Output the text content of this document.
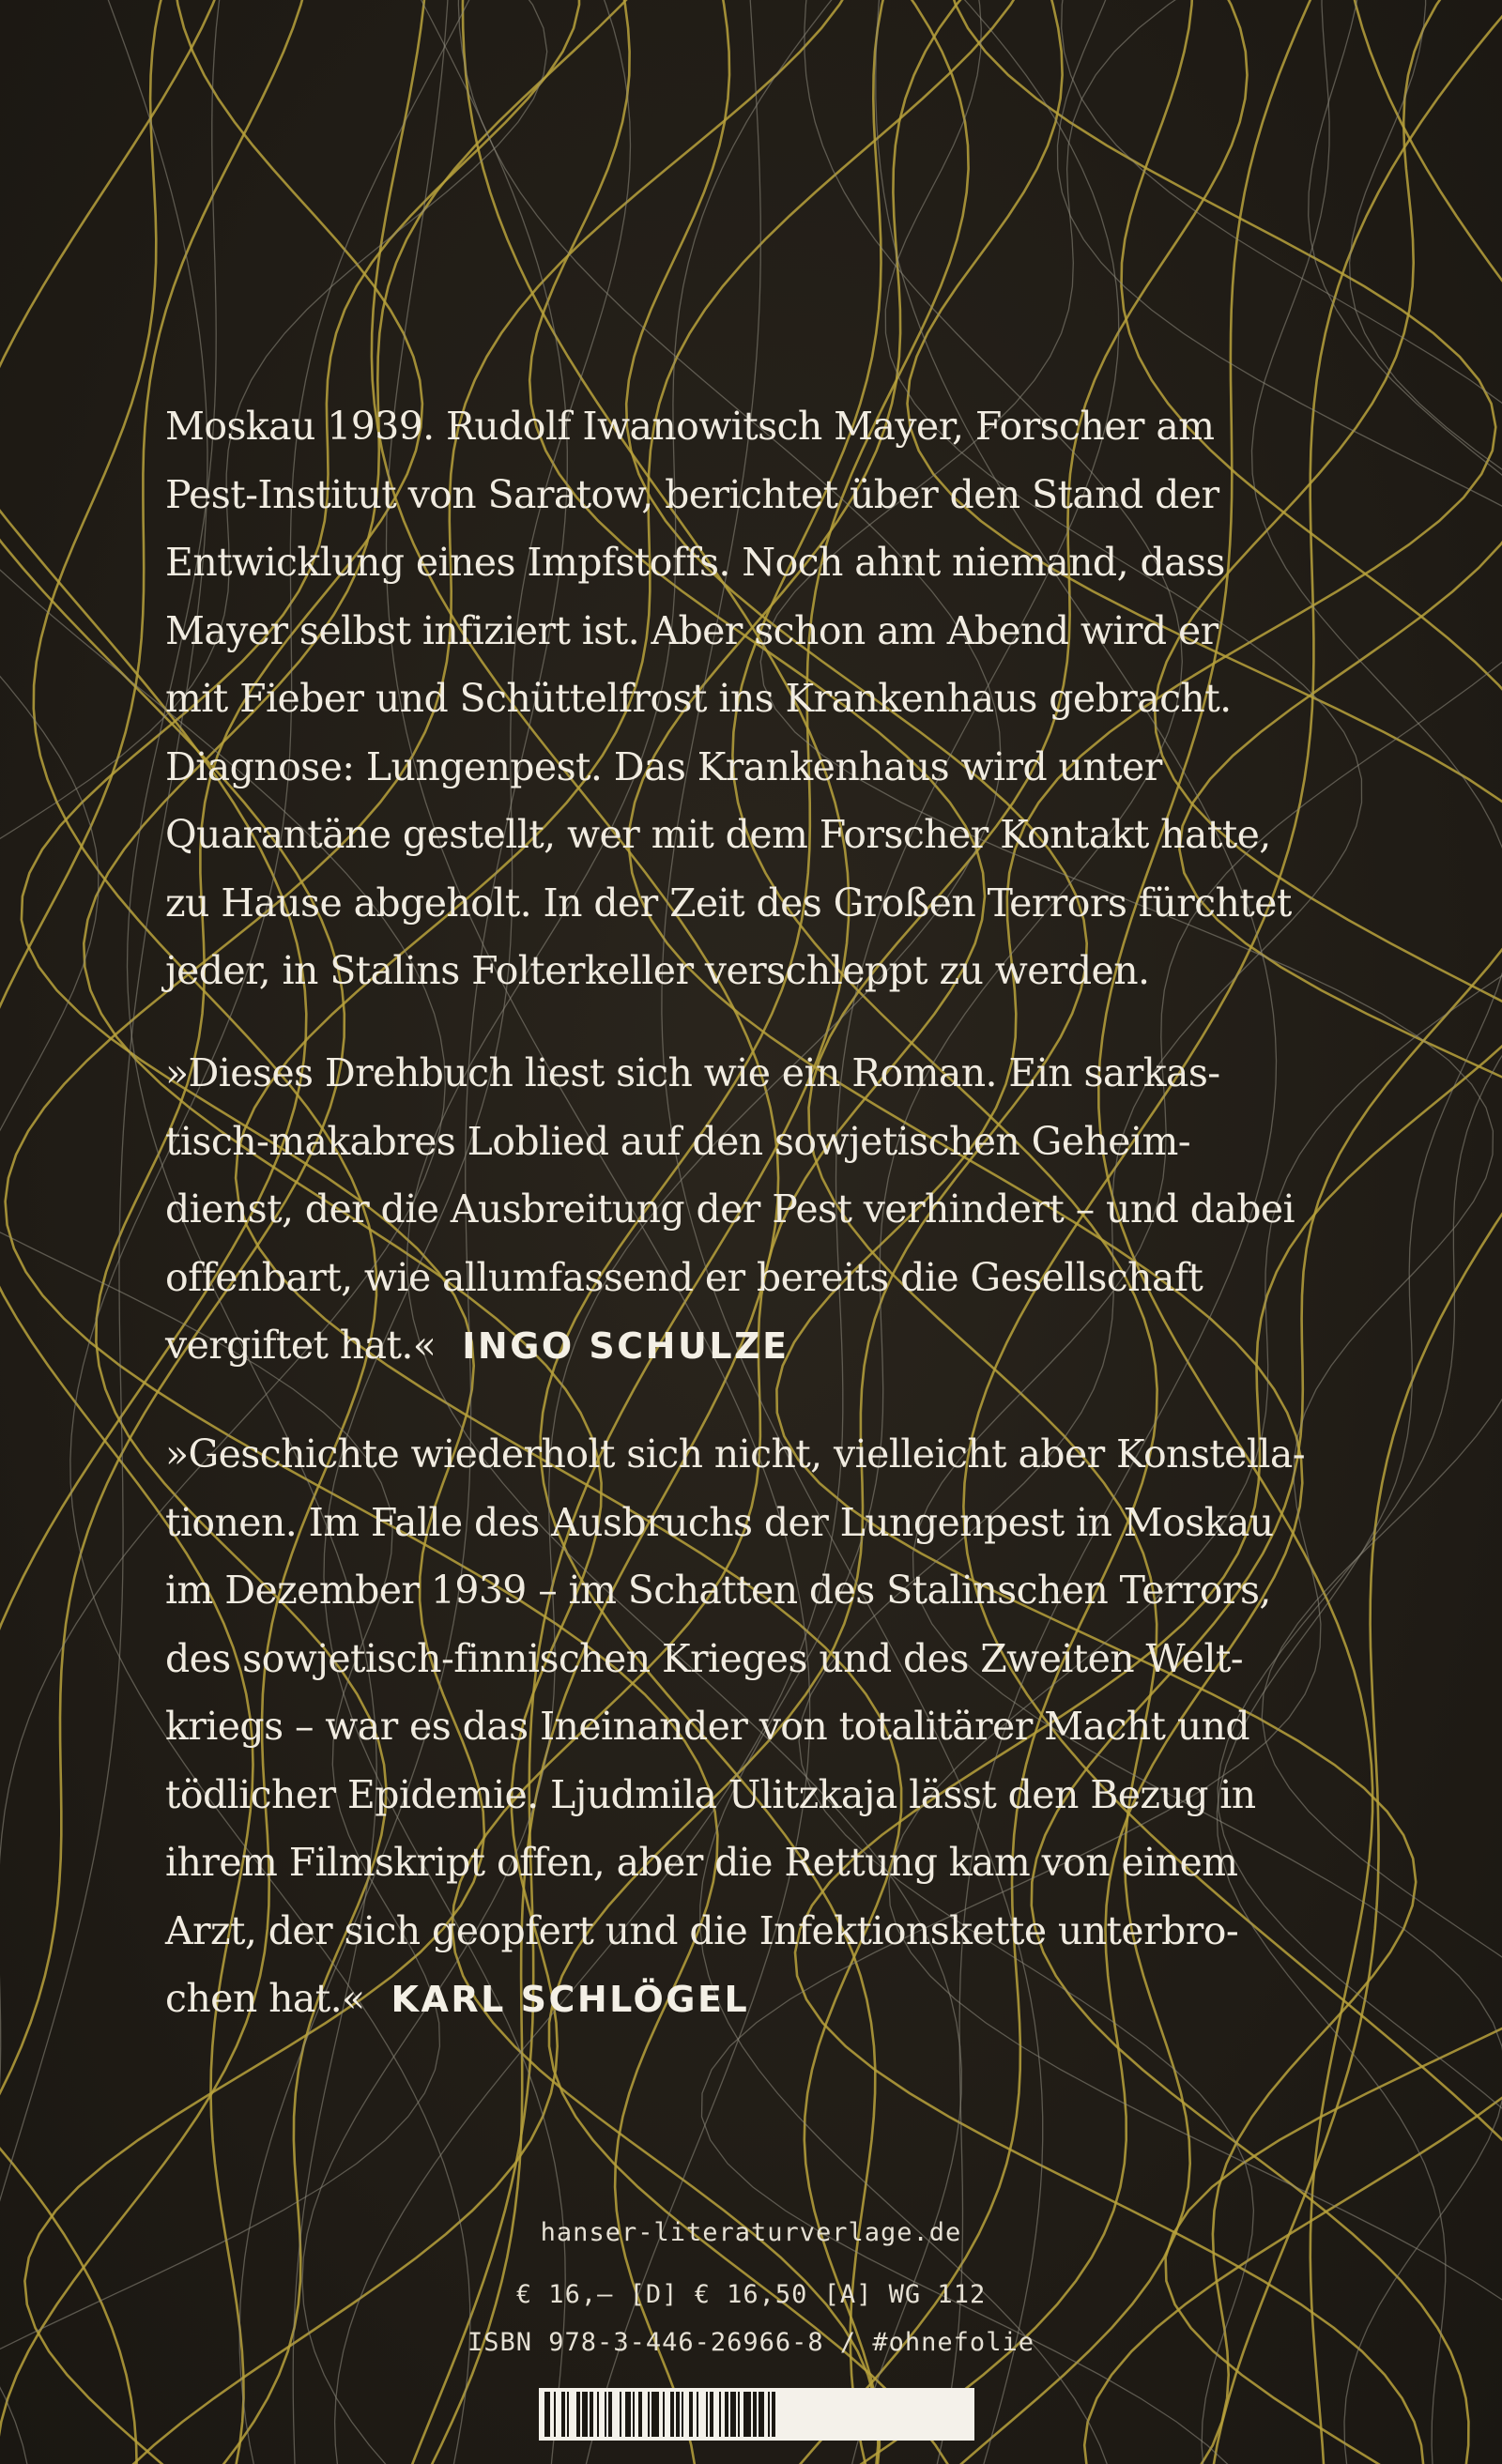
Moskau 1939. Rudolf Iwanowitsch Mayer, Forscher am
Pest-Institut von Saratow, berichtet über den Stand der
Entwicklung eines Impfstoffs. Noch ahnt niemand, dass
Mayer selbst infiziert ist. Aber schon am Abend wird er
mit Fieber und Schüttelfrost ins Krankenhaus gebracht.
Diagnose: Lungenpest. Das Krankenhaus wird unter
Quarantäne gestellt, wer mit dem Forscher Kontakt hatte,
zu Hause abgeholt. In der Zeit des Großen Terrors fürchtet
jeder, in Stalins Folterkeller verschleppt zu werden.
»Dieses Drehbuch liest sich wie ein Roman. Ein sarkas-
tisch-makabres Loblied auf den sowjetischen Geheim-
dienst, der die Ausbreitung der Pest verhindert – und dabei
offenbart, wie allumfassend er bereits die Gesellschaft
vergiftet hat.« INGO SCHULZE
»Geschichte wiederholt sich nicht, vielleicht aber Konstella-
tionen. Im Falle des Ausbruchs der Lungenpest in Moskau
im Dezember 1939 – im Schatten des Stalinschen Terrors,
des sowjetisch-finnischen Krieges und des Zweiten Welt-
kriegs – war es das Ineinander von totalitärer Macht und
tödlicher Epidemie. Ljudmila Ulitzkaja lässt den Bezug in
ihrem Filmskript offen, aber die Rettung kam von einem
Arzt, der sich geopfert und die Infektionskette unterbro-
chen hat.« KARL SCHLÖGEL

hanser-literaturverlage.de

€ 16,– [D] € 16,50 [A] WG 112

ISBN 978-3-446-26966-8 / #ohnefolie
